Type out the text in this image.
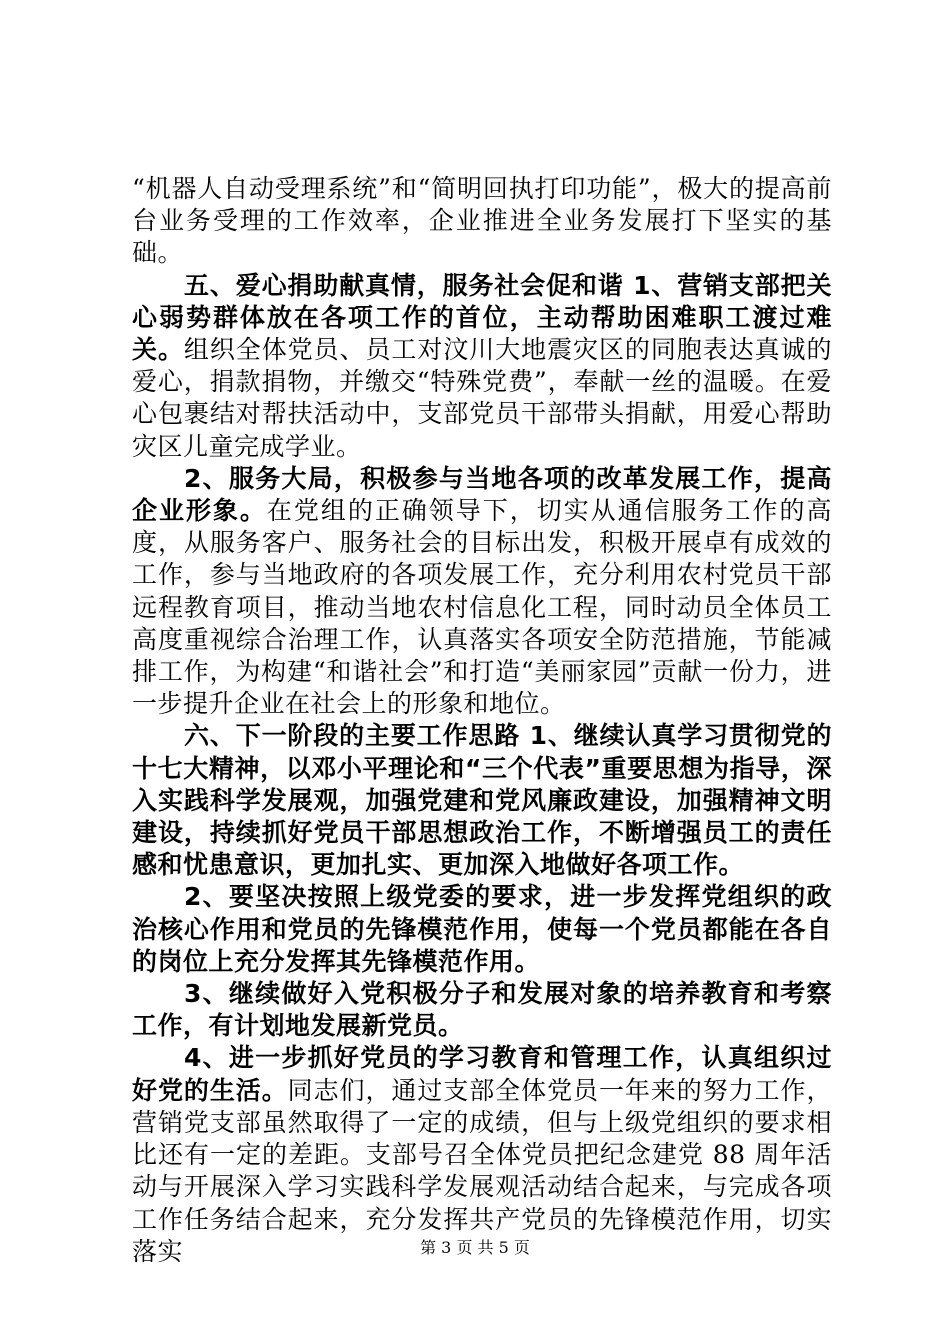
“机器人自动受理系统”和“简明回执打印功能”，极大的提高前台业务受理的工作效率，企业推进全业务发展打下坚实的基础。

五、爱心捐助献真情，服务社会促和谐 1、营销支部把关心弱势群体放在各项工作的首位，主动帮助困难职工渡过难关。组织全体党员、员工对汶川大地震灾区的同胞表达真诚的爱心，捐款捐物，并缴交“特殊党费”，奉献一丝的温暖。在爱心包裹结对帮扶活动中，支部党员干部带头捐献，用爱心帮助灾区儿童完成学业。

2、服务大局，积极参与当地各项的改革发展工作，提高企业形象。在党组的正确领导下，切实从通信服务工作的高度，从服务客户、服务社会的目标出发，积极开展卓有成效的工作，参与当地政府的各项发展工作，充分利用农村党员干部远程教育项目，推动当地农村信息化工程，同时动员全体员工高度重视综合治理工作，认真落实各项安全防范措施，节能减排工作，为构建“和谐社会”和打造“美丽家园”贡献一份力，进一步提升企业在社会上的形象和地位。

六、下一阶段的主要工作思路 1、继续认真学习贯彻党的十七大精神，以邓小平理论和“三个代表”重要思想为指导，深入实践科学发展观，加强党建和党风廉政建设，加强精神文明建设，持续抓好党员干部思想政治工作，不断增强员工的责任感和忧患意识，更加扎实、更加深入地做好各项工作。

2、要坚决按照上级党委的要求，进一步发挥党组织的政治核心作用和党员的先锋模范作用，使每一个党员都能在各自的岗位上充分发挥其先锋模范作用。

3、继续做好入党积极分子和发展对象的培养教育和考察工作，有计划地发展新党员。

4、进一步抓好党员的学习教育和管理工作，认真组织过好党的生活。同志们，通过支部全体党员一年来的努力工作，营销党支部虽然取得了一定的成绩，但与上级党组织的要求相比还有一定的差距。支部号召全体党员把纪念建党 88 周年活动与开展深入学习实践科学发展观活动结合起来，与完成各项工作任务结合起来，充分发挥共产党员的先锋模范作用，切实落实	第 3 页 共 5 页
